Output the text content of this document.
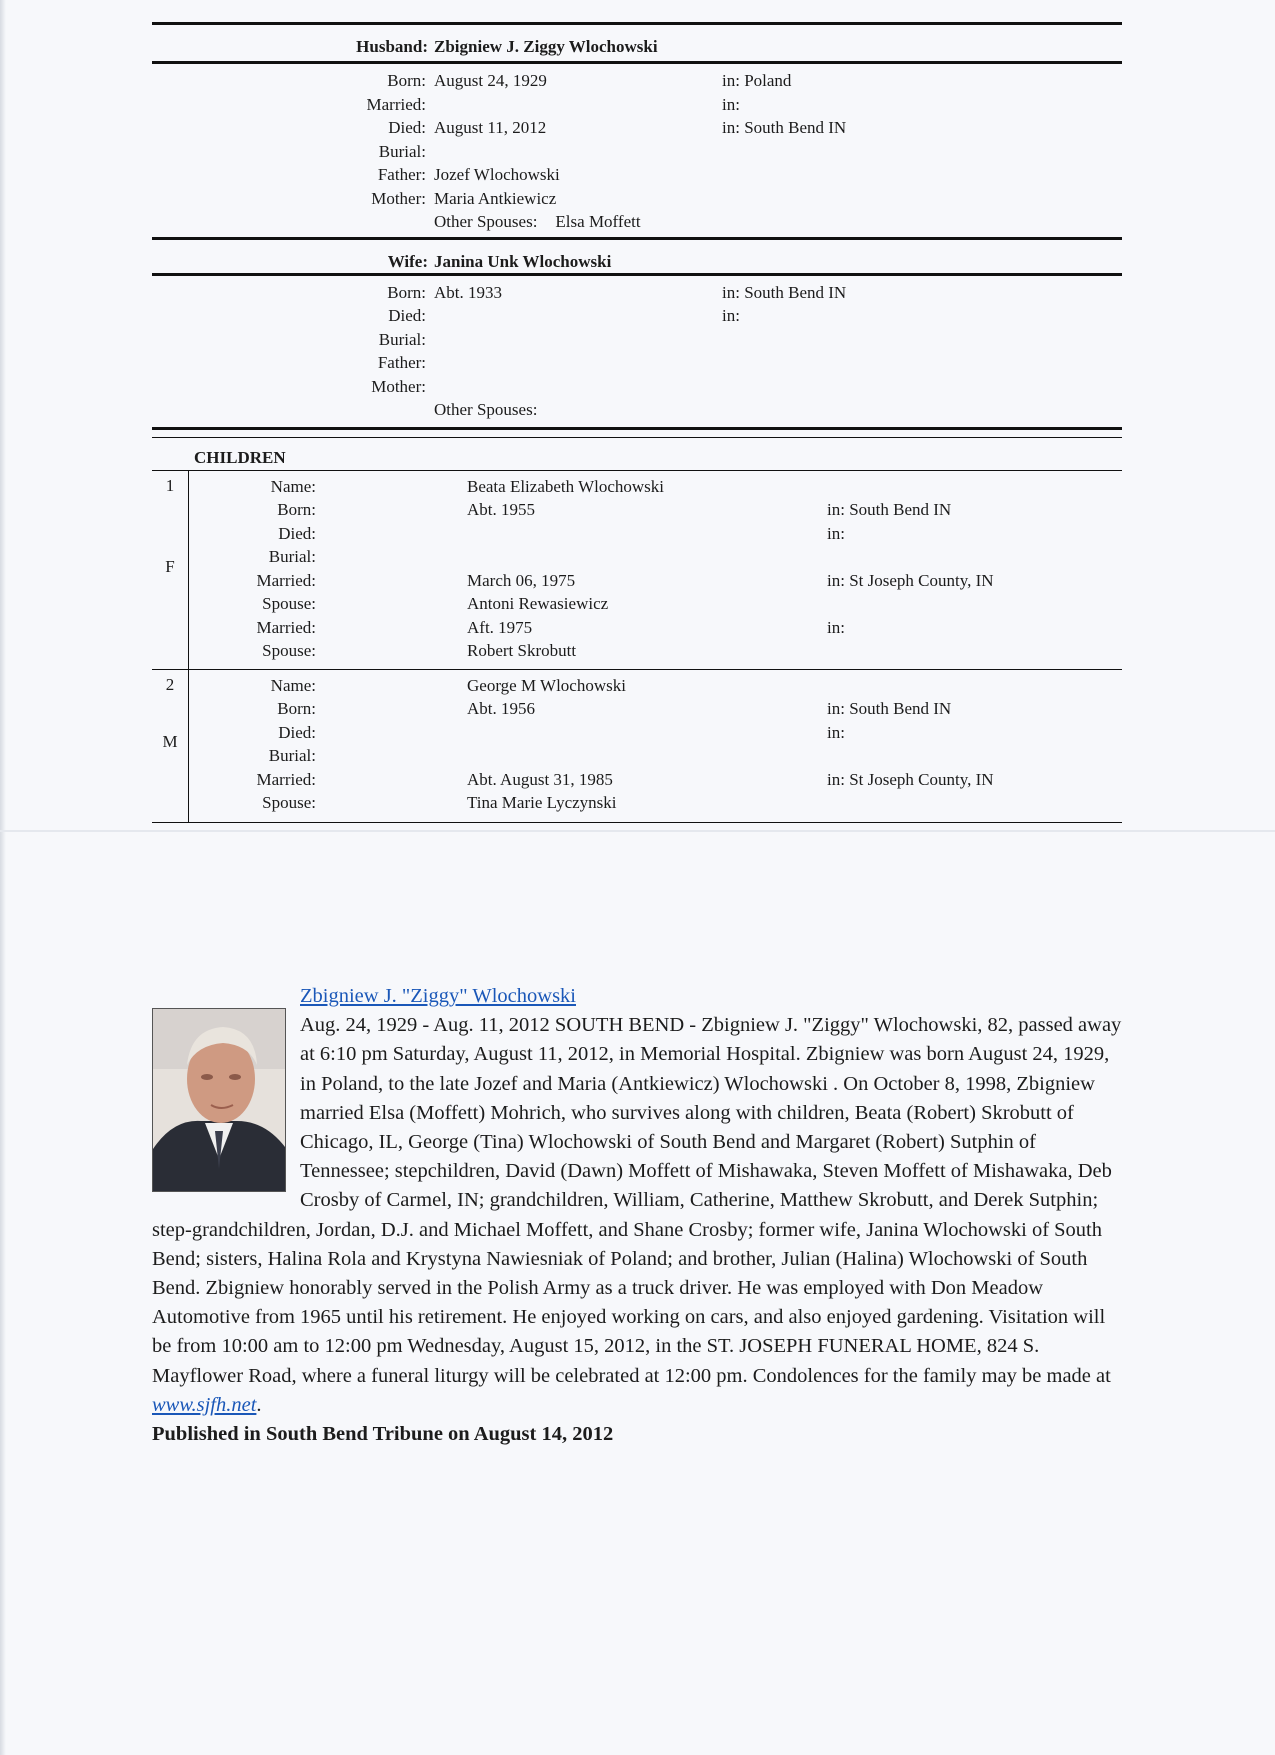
Husband: Zbigniew J. Ziggy Wlochowski
Born: August 24, 1929	in: Poland
Married:	in:
Died: August 11, 2012	in: South Bend IN
Burial:
Father: Jozef Wlochowski
Mother: Maria Antkiewicz
Other Spouses: Elsa Moffett
Wife: Janina Unk Wlochowski
Born: Abt. 1933	in: South Bend IN
Died:	in:
Burial:
Father:
Mother:
Other Spouses:
CHILDREN
1
F
Name:	Beata Elizabeth Wlochowski
Born:	Abt. 1955	in: South Bend IN
Died:	in:
Burial:
Married:	March 06, 1975	in: St Joseph County, IN
Spouse:	Antoni Rewasiewicz
Married:	Aft. 1975	in:
Spouse:	Robert Skrobutt
2
M
Name:	George M Wlochowski
Born:	Abt. 1956	in: South Bend IN
Died:	in:
Burial:
Married:	Abt. August 31, 1985	in: St Joseph County, IN
Spouse:	Tina Marie Lyczynski
Zbigniew J. "Ziggy" Wlochowski
Aug. 24, 1929 - Aug. 11, 2012 SOUTH BEND - Zbigniew J. "Ziggy" Wlochowski, 82, passed away at 6:10 pm Saturday, August 11, 2012, in Memorial Hospital. Zbigniew was born August 24, 1929, in Poland, to the late Jozef and Maria (Antkiewicz) Wlochowski . On October 8, 1998, Zbigniew married Elsa (Moffett) Mohrich, who survives along with children, Beata (Robert) Skrobutt of Chicago, IL, George (Tina) Wlochowski of South Bend and Margaret (Robert) Sutphin of Tennessee; stepchildren, David (Dawn) Moffett of Mishawaka, Steven Moffett of Mishawaka, Deb Crosby of Carmel, IN; grandchildren, William, Catherine, Matthew Skrobutt, and Derek Sutphin; step-grandchildren, Jordan, D.J. and Michael Moffett, and Shane Crosby; former wife, Janina Wlochowski of South Bend; sisters, Halina Rola and Krystyna Nawiesniak of Poland; and brother, Julian (Halina) Wlochowski of South Bend. Zbigniew honorably served in the Polish Army as a truck driver. He was employed with Don Meadow Automotive from 1965 until his retirement. He enjoyed working on cars, and also enjoyed gardening. Visitation will be from 10:00 am to 12:00 pm Wednesday, August 15, 2012, in the ST. JOSEPH FUNERAL HOME, 824 S. Mayflower Road, where a funeral liturgy will be celebrated at 12:00 pm. Condolences for the family may be made at www.sjfh.net.
Published in South Bend Tribune on August 14, 2012
